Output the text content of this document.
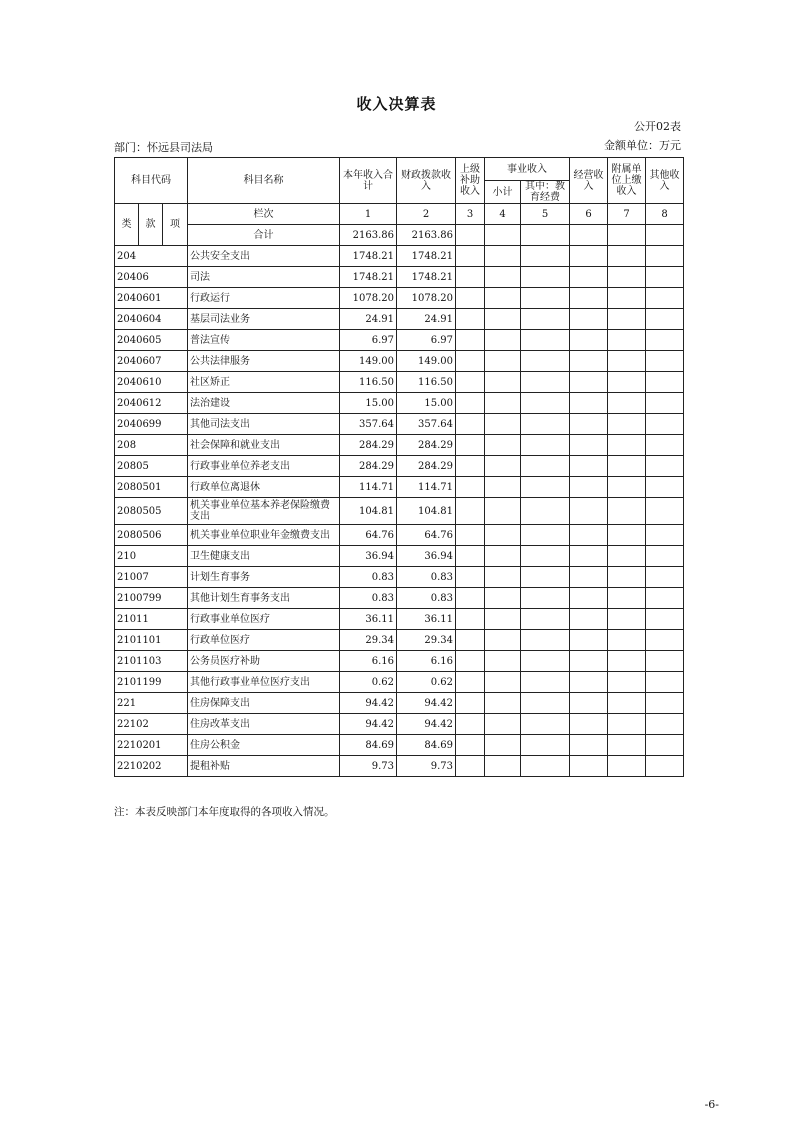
收入决算表
公开02表
部门：怀远县司法局	金额单位：万元
科目代码			科目名称	本年收入合计	财政拨款收入	上级补助收入	事业收入		经营收入	附属单位上缴收入	其他收入
							小计	其中：教育经费			

类	款	项	栏次	1	2	3	4	5	6	7	8
			合计	2163.86	2163.86						
204			公共安全支出	1748.21	1748.21						
20406			司法	1748.21	1748.21						
2040601			行政运行	1078.20	1078.20						
2040604			基层司法业务	24.91	24.91						
2040605			普法宣传	6.97	6.97						
2040607			公共法律服务	149.00	149.00						
2040610			社区矫正	116.50	116.50						
2040612			法治建设	15.00	15.00						
2040699			其他司法支出	357.64	357.64						
208			社会保障和就业支出	284.29	284.29						
20805			行政事业单位养老支出	284.29	284.29						
2080501			行政单位离退休	114.71	114.71						
2080505			机关事业单位基本养老保险缴费支出	104.81	104.81						
2080506			机关事业单位职业年金缴费支出	64.76	64.76						
210			卫生健康支出	36.94	36.94						
21007			计划生育事务	0.83	0.83						
2100799			其他计划生育事务支出	0.83	0.83						
21011			行政事业单位医疗	36.11	36.11						
2101101			行政单位医疗	29.34	29.34						
2101103			公务员医疗补助	6.16	6.16						
2101199			其他行政事业单位医疗支出	0.62	0.62						
221			住房保障支出	94.42	94.42						
22102			住房改革支出	94.42	94.42						
2210201			住房公积金	84.69	84.69						
2210202			提租补贴	9.73	9.73						
注：本表反映部门本年度取得的各项收入情况。
-6-
